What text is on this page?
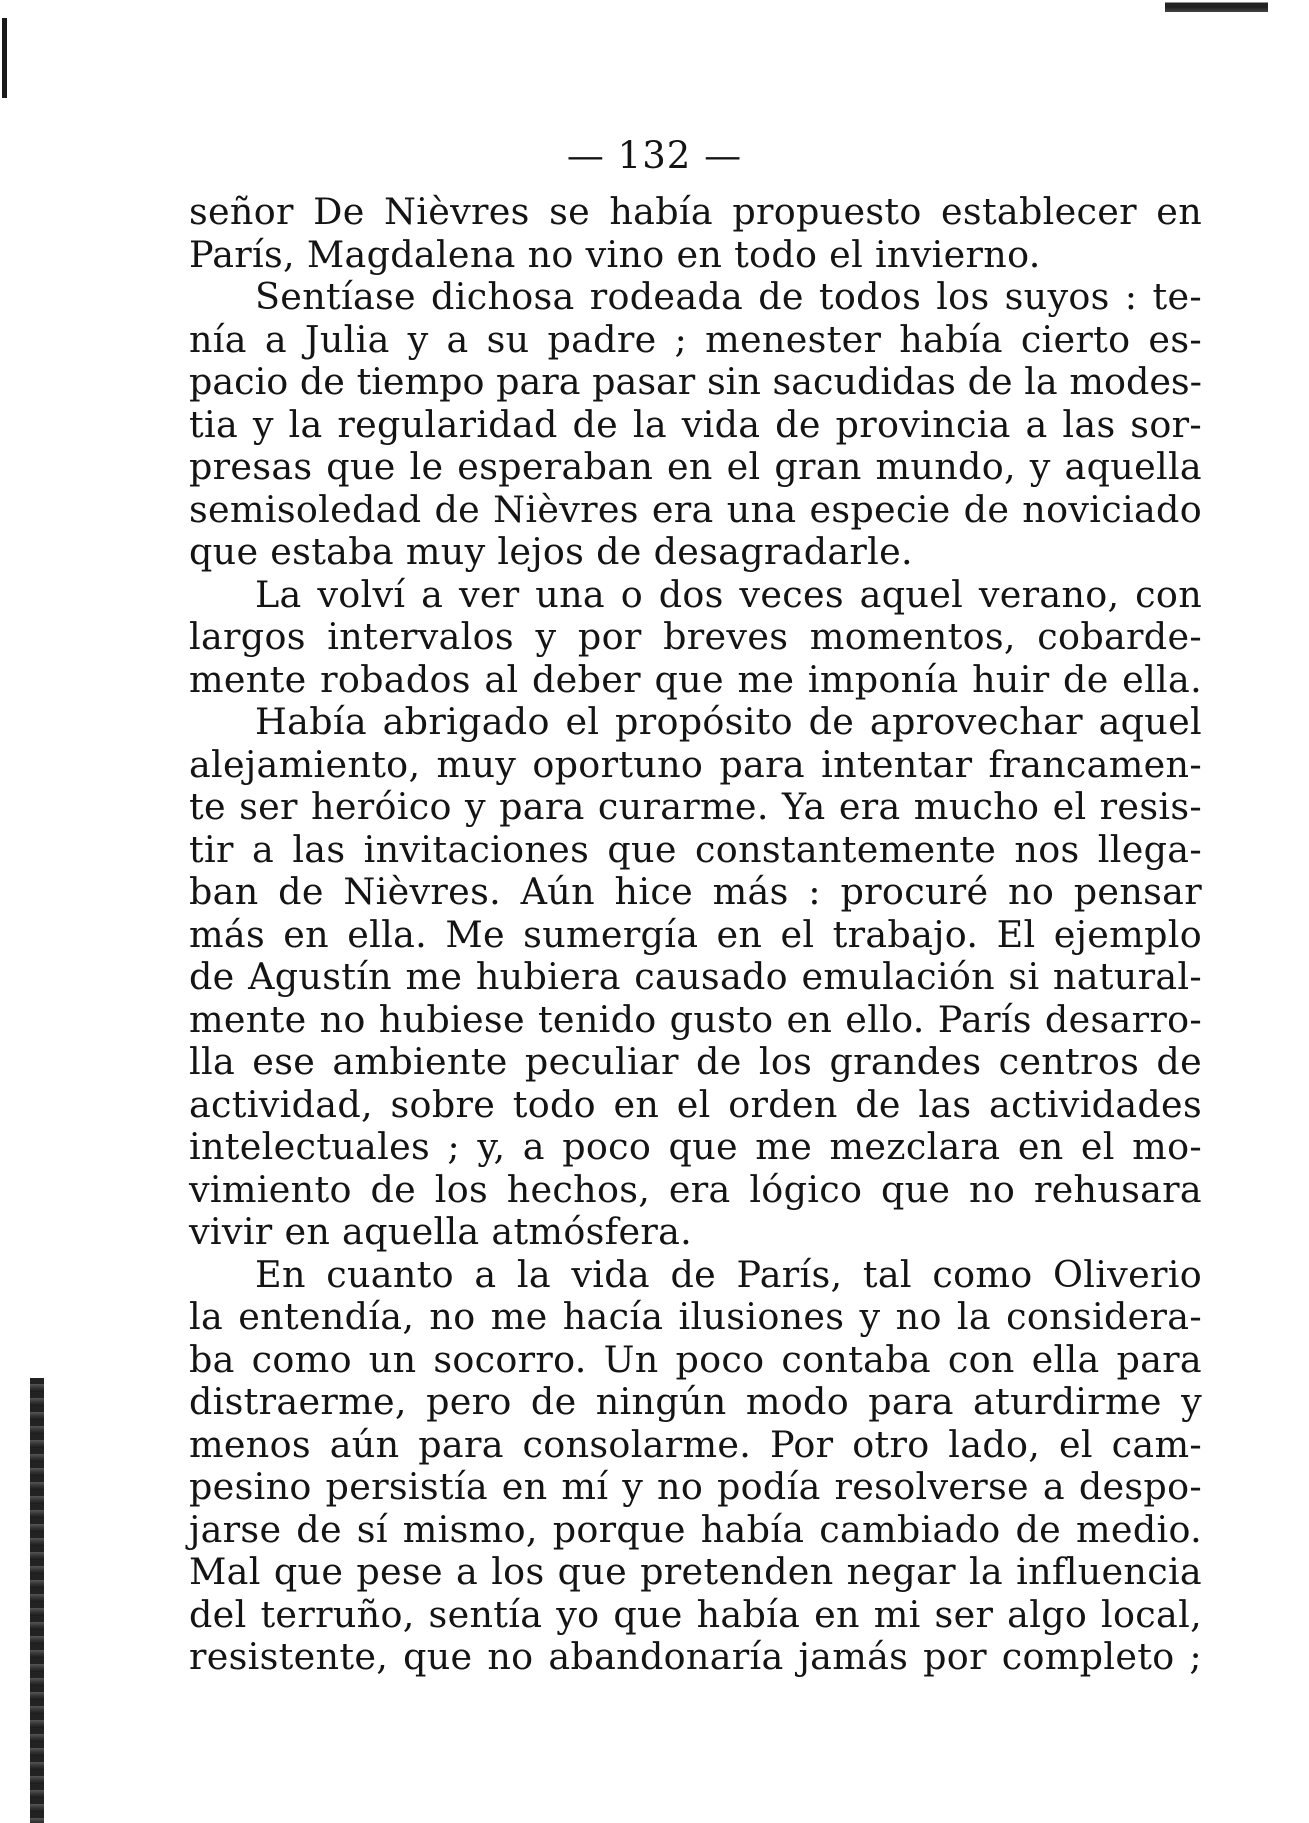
— 132 —
señor De Nièvres se había propuesto establecer en
París, Magdalena no vino en todo el invierno.
Sentíase dichosa rodeada de todos los suyos : te-
nía a Julia y a su padre ; menester había cierto es-
pacio de tiempo para pasar sin sacudidas de la modes-
tia y la regularidad de la vida de provincia a las sor-
presas que le esperaban en el gran mundo, y aquella
semisoledad de Nièvres era una especie de noviciado
que estaba muy lejos de desagradarle.
La volví a ver una o dos veces aquel verano, con
largos intervalos y por breves momentos, cobarde-
mente robados al deber que me imponía huir de ella.
Había abrigado el propósito de aprovechar aquel
alejamiento, muy oportuno para intentar francamen-
te ser heróico y para curarme. Ya era mucho el resis-
tir a las invitaciones que constantemente nos llega-
ban de Nièvres. Aún hice más : procuré no pensar
más en ella. Me sumergía en el trabajo. El ejemplo
de Agustín me hubiera causado emulación si natural-
mente no hubiese tenido gusto en ello. París desarro-
lla ese ambiente peculiar de los grandes centros de
actividad, sobre todo en el orden de las actividades
intelectuales ; y, a poco que me mezclara en el mo-
vimiento de los hechos, era lógico que no rehusara
vivir en aquella atmósfera.
En cuanto a la vida de París, tal como Oliverio
la entendía, no me hacía ilusiones y no la considera-
ba como un socorro. Un poco contaba con ella para
distraerme, pero de ningún modo para aturdirme y
menos aún para consolarme. Por otro lado, el cam-
pesino persistía en mí y no podía resolverse a despo-
jarse de sí mismo, porque había cambiado de medio.
Mal que pese a los que pretenden negar la influencia
del terruño, sentía yo que había en mi ser algo local,
resistente, que no abandonaría jamás por completo ;
